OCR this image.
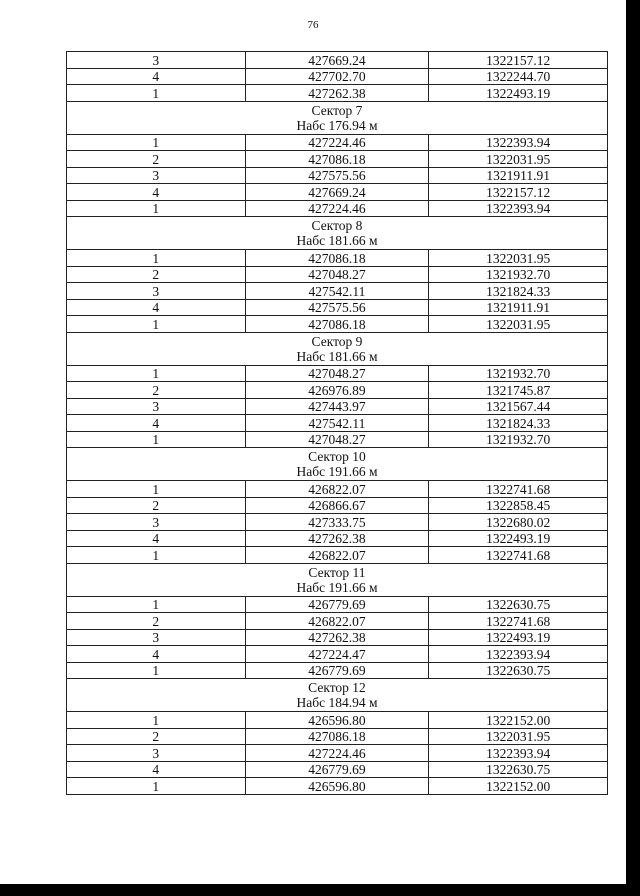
76
3	427669.24	1322157.12
4	427702.70	1322244.70
1	427262.38	1322493.19

Сектор 7
Набс 176.94 м		

1	427224.46	1322393.94
2	427086.18	1322031.95
3	427575.56	1321911.91
4	427669.24	1322157.12
1	427224.46	1322393.94

Сектор 8
Набс 181.66 м		

1	427086.18	1322031.95
2	427048.27	1321932.70
3	427542.11	1321824.33
4	427575.56	1321911.91
1	427086.18	1322031.95

Сектор 9
Набс 181.66 м		

1	427048.27	1321932.70
2	426976.89	1321745.87
3	427443.97	1321567.44
4	427542.11	1321824.33
1	427048.27	1321932.70

Сектор 10
Набс 191.66 м		

1	426822.07	1322741.68
2	426866.67	1322858.45
3	427333.75	1322680.02
4	427262.38	1322493.19
1	426822.07	1322741.68

Сектор 11
Набс 191.66 м		

1	426779.69	1322630.75
2	426822.07	1322741.68
3	427262.38	1322493.19
4	427224.47	1322393.94
1	426779.69	1322630.75

Сектор 12
Набс 184.94 м		

1	426596.80	1322152.00
2	427086.18	1322031.95
3	427224.46	1322393.94
4	426779.69	1322630.75
1	426596.80	1322152.00
